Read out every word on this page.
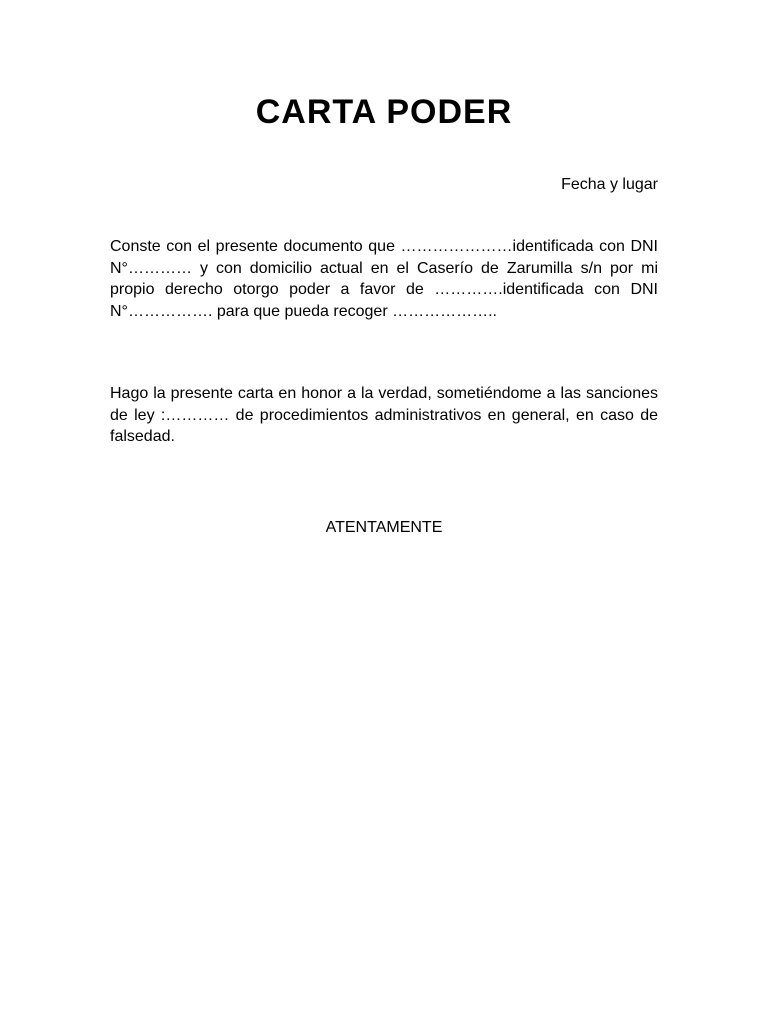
CARTA PODER

Fecha y lugar

Conste con el presente documento que …………………identificada con DNI N°………… y con domicilio actual en el Caserío de Zarumilla s/n por mi propio derecho otorgo poder a favor de ………….identificada con DNI N°……………. para que pueda recoger ………………..

Hago la presente carta en honor a la verdad, sometiéndome a las sanciones de ley :………… de procedimientos administrativos en general, en caso de falsedad.

ATENTAMENTE
